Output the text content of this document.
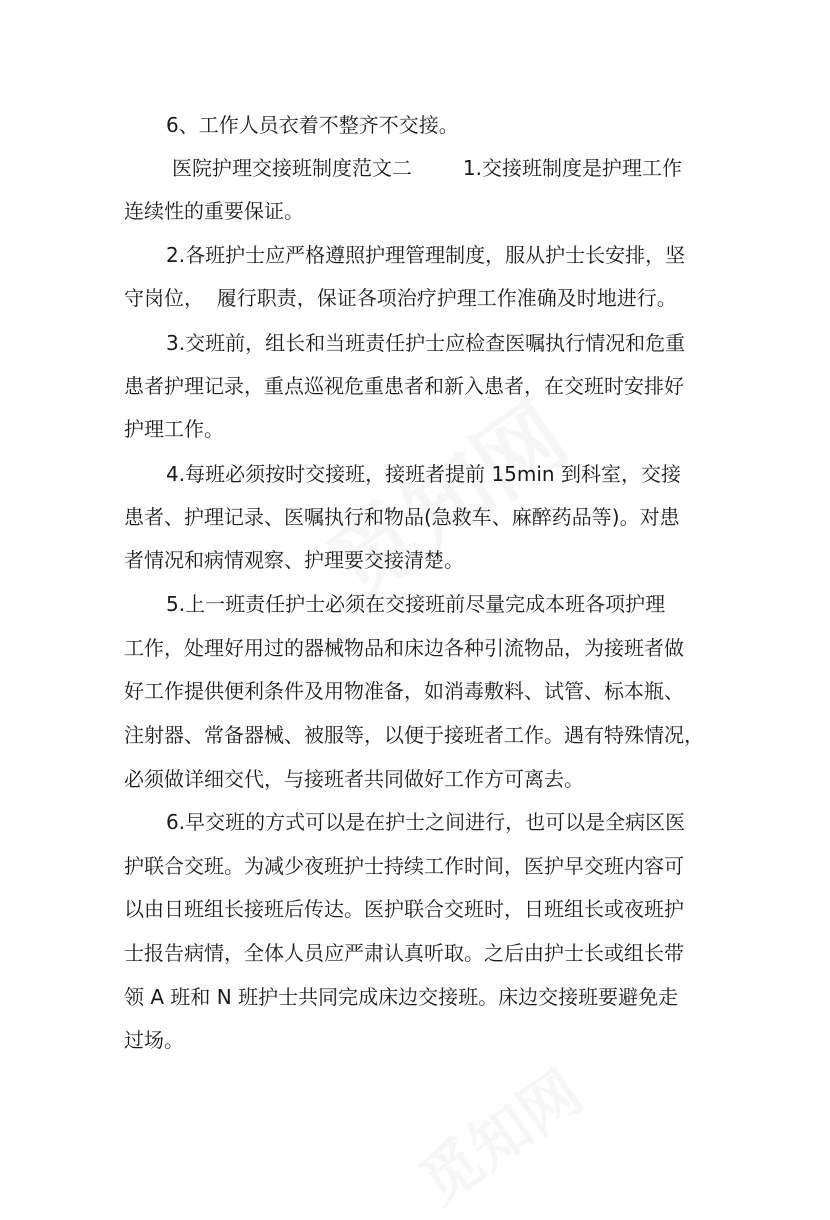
6、工作人员衣着不整齐不交接。
医院护理交接班制度范文二        1.交接班制度是护理工作
连续性的重要保证。
2.各班护士应严格遵照护理管理制度，服从护士长安排，坚
守岗位，  履行职责，保证各项治疗护理工作准确及时地进行。
3.交班前，组长和当班责任护士应检查医嘱执行情况和危重
患者护理记录，重点巡视危重患者和新入患者，在交班时安排好
护理工作。
4.每班必须按时交接班，接班者提前 15min 到科室，交接
患者、护理记录、医嘱执行和物品(急救车、麻醉药品等)。对患
者情况和病情观察、护理要交接清楚。
5.上一班责任护士必须在交接班前尽量完成本班各项护理
工作，处理好用过的器械物品和床边各种引流物品，为接班者做
好工作提供便利条件及用物准备，如消毒敷料、试管、标本瓶、
注射器、常备器械、被服等，以便于接班者工作。遇有特殊情况，
必须做详细交代，与接班者共同做好工作方可离去。
6.早交班的方式可以是在护士之间进行，也可以是全病区医
护联合交班。为减少夜班护士持续工作时间，医护早交班内容可
以由日班组长接班后传达。医护联合交班时，日班组长或夜班护
士报告病情，全体人员应严肃认真听取。之后由护士长或组长带
领 A 班和 N 班护士共同完成床边交接班。床边交接班要避免走
过场。
